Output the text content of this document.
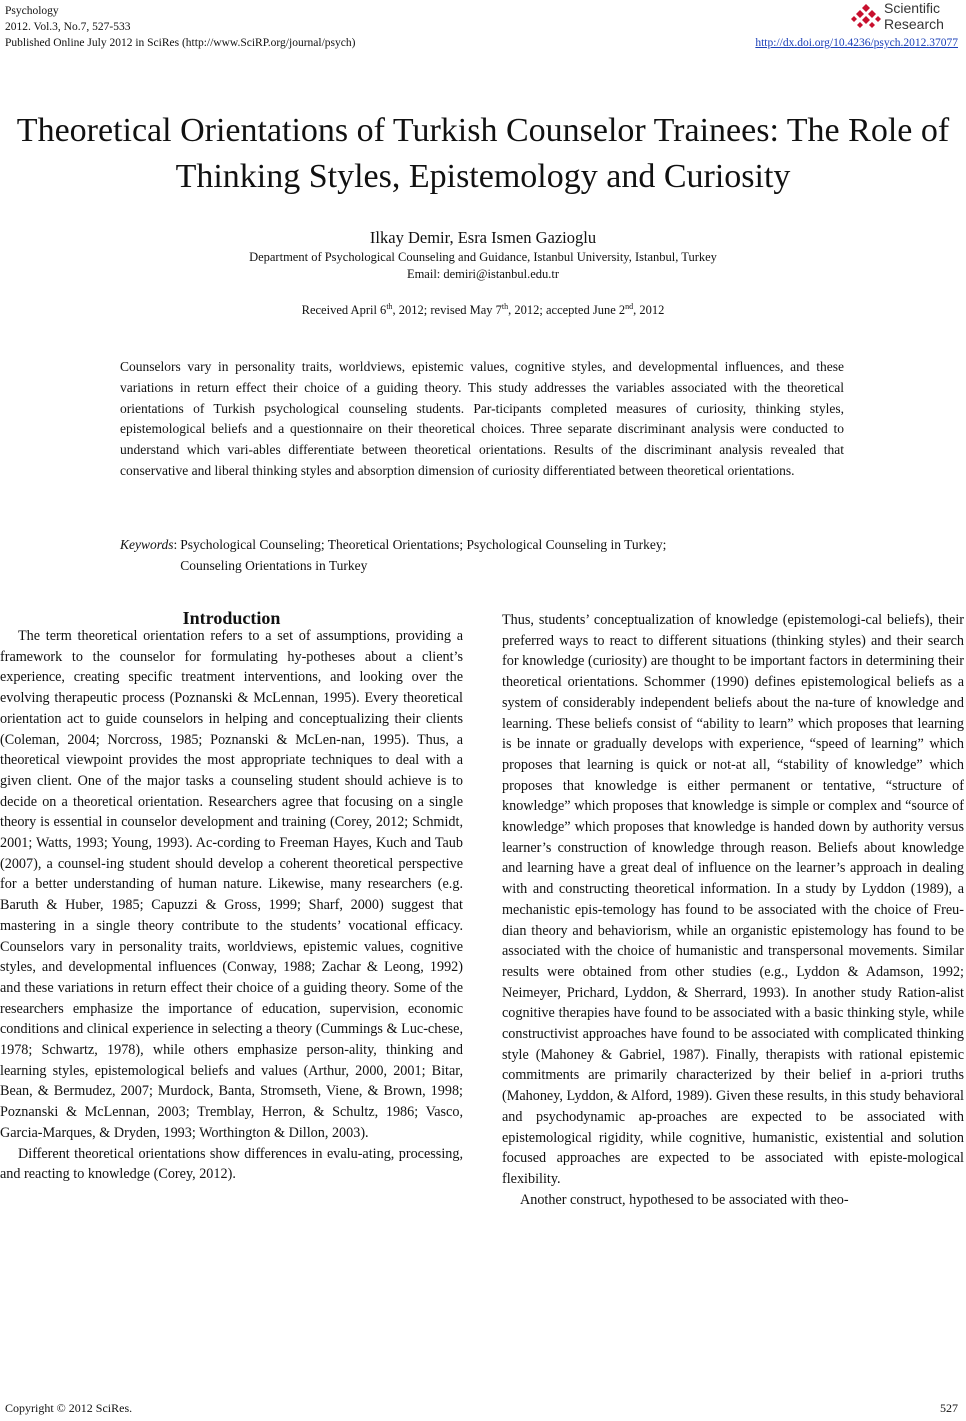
Psychology
2012. Vol.3, No.7, 527-533
Published Online July 2012 in SciRes (http://www.SciRP.org/journal/psych)
Scientific
Research
http://dx.doi.org/10.4236/psych.2012.37077
Theoretical Orientations of Turkish Counselor Trainees: The Role of Thinking Styles, Epistemology and Curiosity
Ilkay Demir, Esra Ismen Gazioglu
Department of Psychological Counseling and Guidance, Istanbul University, Istanbul, Turkey
Email: demiri@istanbul.edu.tr
Received April 6th, 2012; revised May 7th, 2012; accepted June 2nd, 2012
Counselors vary in personality traits, worldviews, epistemic values, cognitive styles, and developmental influences, and these variations in return effect their choice of a guiding theory. This study addresses the variables associated with the theoretical orientations of Turkish psychological counseling students. Par-ticipants completed measures of curiosity, thinking styles, epistemological beliefs and a questionnaire on their theoretical choices. Three separate discriminant analysis were conducted to understand which vari-ables differentiate between theoretical orientations. Results of the discriminant analysis revealed that conservative and liberal thinking styles and absorption dimension of curiosity differentiated between theoretical orientations.
Keywords : Psychological Counseling; Theoretical Orientations; Psychological Counseling in Turkey;
Counseling Orientations in Turkey
Introduction

The term theoretical orientation refers to a set of assumptions, providing a framework to the counselor for formulating hy-potheses about a client’s experience, creating specific treatment interventions, and looking over the evolving therapeutic process (Poznanski & McLennan, 1995). Every theoretical orientation act to guide counselors in helping and conceptualizing their clients (Coleman, 2004; Norcross, 1985; Poznanski & McLen-nan, 1995). Thus, a theoretical viewpoint provides the most appropriate techniques to deal with a given client. One of the major tasks a counseling student should achieve is to decide on a theoretical orientation. Researchers agree that focusing on a single theory is essential in counselor development and training (Corey, 2012; Schmidt, 2001; Watts, 1993; Young, 1993). Ac-cording to Freeman Hayes, Kuch and Taub (2007), a counsel-ing student should develop a coherent theoretical perspective for a better understanding of human nature. Likewise, many researchers (e.g. Baruth & Huber, 1985; Capuzzi & Gross, 1999; Sharf, 2000) suggest that mastering in a single theory contribute to the students’ vocational efficacy. Counselors vary in personality traits, worldviews, epistemic values, cognitive styles, and developmental influences (Conway, 1988; Zachar & Leong, 1992) and these variations in return effect their choice of a guiding theory. Some of the researchers emphasize the importance of education, supervision, economic conditions and clinical experience in selecting a theory (Cummings & Luc-chese, 1978; Schwartz, 1978), while others emphasize person-ality, thinking and learning styles, epistemological beliefs and values (Arthur, 2000, 2001; Bitar, Bean, & Bermudez, 2007; Murdock, Banta, Stromseth, Viene, & Brown, 1998; Poznanski & McLennan, 2003; Tremblay, Herron, & Schultz, 1986; Vasco, Garcia-Marques, & Dryden, 1993; Worthington & Dillon, 2003).

Different theoretical orientations show differences in evalu-ating, processing, and reacting to knowledge (Corey, 2012).

Thus, students’ conceptualization of knowledge (epistemologi-cal beliefs), their preferred ways to react to different situations (thinking styles) and their search for knowledge (curiosity) are thought to be important factors in determining their theoretical orientations. Schommer (1990) defines epistemological beliefs as a system of considerably independent beliefs about the na-ture of knowledge and learning. These beliefs consist of “ability to learn” which proposes that learning is be innate or gradually develops with experience, “speed of learning” which proposes that learning is quick or not-at all, “stability of knowledge” which proposes that knowledge is either permanent or tentative, “structure of knowledge” which proposes that knowledge is simple or complex and “source of knowledge” which proposes that knowledge is handed down by authority versus learner’s construction of knowledge through reason. Beliefs about knowledge and learning have a great deal of influence on the learner’s approach in dealing with and constructing theoretical information. In a study by Lyddon (1989), a mechanistic epis-temology has found to be associated with the choice of Freu-dian theory and behaviorism, while an organistic epistemology has found to be associated with the choice of humanistic and transpersonal movements. Similar results were obtained from other studies (e.g., Lyddon & Adamson, 1992; Neimeyer, Prichard, Lyddon, & Sherrard, 1993). In another study Ration-alist cognitive therapies have found to be associated with a basic thinking style, while constructivist approaches have found to be associated with complicated thinking style (Mahoney & Gabriel, 1987). Finally, therapists with rational epistemic commitments are primarily characterized by their belief in a-priori truths (Mahoney, Lyddon, & Alford, 1989). Given these results, in this study behavioral and psychodynamic ap-proaches are expected to be associated with epistemological rigidity, while cognitive, humanistic, existential and solution focused approaches are expected to be associated with episte-mological flexibility.

Another construct, hypothesed to be associated with theo-

Copyright © 2012 SciRes.	527
